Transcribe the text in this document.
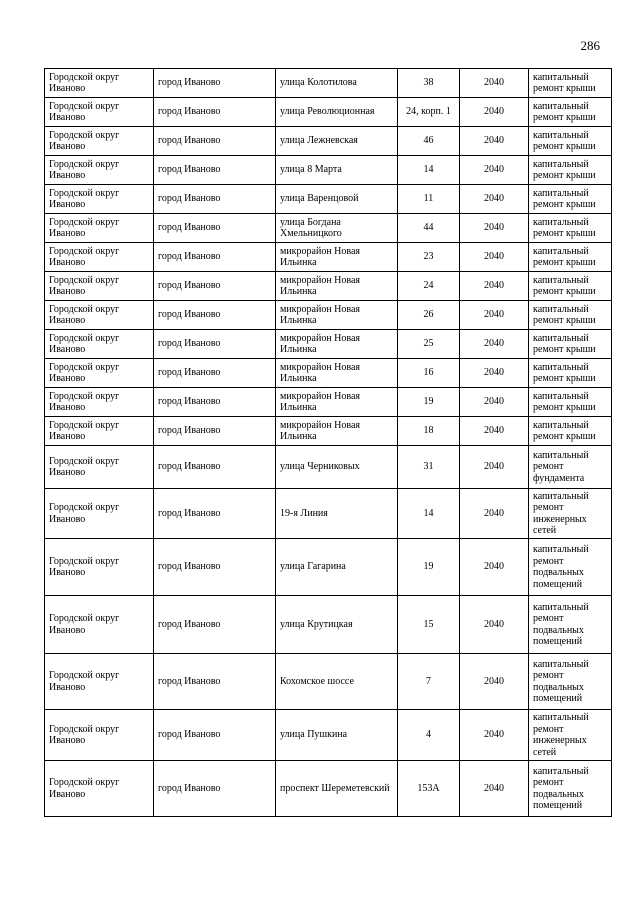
286
Городской округ Иваново	город Иваново	улица Колотилова	38	2040	капитальный ремонт крыши
Городской округ Иваново	город Иваново	улица Революционная	24, корп. 1	2040	капитальный ремонт крыши
Городской округ Иваново	город Иваново	улица Лежневская	46	2040	капитальный ремонт крыши
Городской округ Иваново	город Иваново	улица 8 Марта	14	2040	капитальный ремонт крыши
Городской округ Иваново	город Иваново	улица Варенцовой	11	2040	капитальный ремонт крыши
Городской округ Иваново	город Иваново	улица Богдана Хмельницкого	44	2040	капитальный ремонт крыши
Городской округ Иваново	город Иваново	микрорайон Новая Ильинка	23	2040	капитальный ремонт крыши
Городской округ Иваново	город Иваново	микрорайон Новая Ильинка	24	2040	капитальный ремонт крыши
Городской округ Иваново	город Иваново	микрорайон Новая Ильинка	26	2040	капитальный ремонт крыши
Городской округ Иваново	город Иваново	микрорайон Новая Ильинка	25	2040	капитальный ремонт крыши
Городской округ Иваново	город Иваново	микрорайон Новая Ильинка	16	2040	капитальный ремонт крыши
Городской округ Иваново	город Иваново	микрорайон Новая Ильинка	19	2040	капитальный ремонт крыши
Городской округ Иваново	город Иваново	микрорайон Новая Ильинка	18	2040	капитальный ремонт крыши
Городской округ Иваново	город Иваново	улица Черниковых	31	2040	капитальный ремонт фундамента
Городской округ Иваново	город Иваново	19-я Линия	14	2040	капитальный ремонт инженерных сетей
Городской округ Иваново	город Иваново	улица Гагарина	19	2040	капитальный ремонт подвальных помещений
Городской округ Иваново	город Иваново	улица Крутицкая	15	2040	капитальный ремонт подвальных помещений
Городской округ Иваново	город Иваново	Кохомское шоссе	7	2040	капитальный ремонт подвальных помещений
Городской округ Иваново	город Иваново	улица Пушкина	4	2040	капитальный ремонт инженерных сетей
Городской округ Иваново	город Иваново	проспект Шереметевский	153А	2040	капитальный ремонт подвальных помещений
